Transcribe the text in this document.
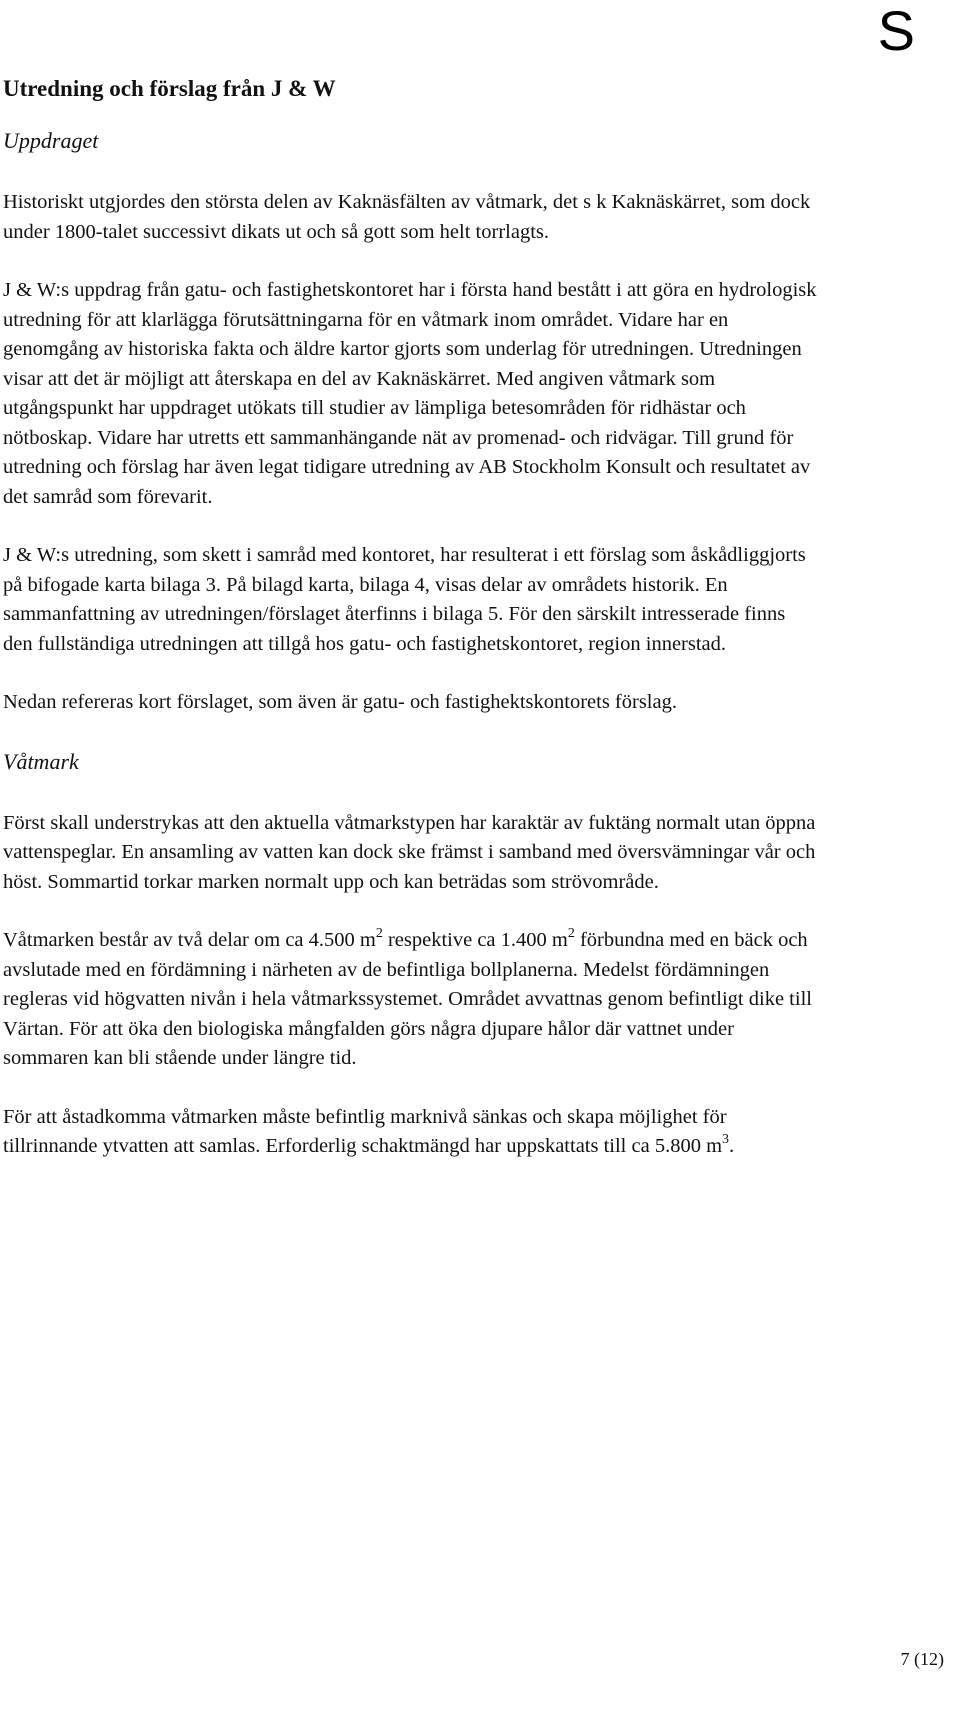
S
Utredning och förslag från J & W
Uppdraget

Historiskt utgjordes den största delen av Kaknäsfälten av våtmark, det s k Kaknäskärret, som dock under 1800-talet successivt dikats ut och så gott som helt torrlagts.

J & W:s uppdrag från gatu- och fastighetskontoret har i första hand bestått i att göra en hydrologisk utredning för att klarlägga förutsättningarna för en våtmark inom området. Vidare har en genomgång av historiska fakta och äldre kartor gjorts som underlag för utredningen. Utredningen visar att det är möjligt att återskapa en del av Kaknäskärret. Med angiven våtmark som utgångspunkt har uppdraget utökats till studier av lämpliga betesområden för ridhästar och nötboskap. Vidare har utretts ett sammanhängande nät av promenad- och ridvägar. Till grund för utredning och förslag har även legat tidigare utredning av AB Stockholm Konsult och resultatet av det samråd som förevarit.

J & W:s utredning, som skett i samråd med kontoret, har resulterat i ett förslag som åskådliggjorts på bifogade karta bilaga 3. På bilagd karta, bilaga 4, visas delar av områdets historik. En sammanfattning av utredningen/förslaget återfinns i bilaga 5. För den särskilt intresserade finns den fullständiga utredningen att tillgå hos gatu- och fastighetskontoret, region innerstad.

Nedan refereras kort förslaget, som även är gatu- och fastighektskontorets förslag.

Våtmark

Först skall understrykas att den aktuella våtmarkstypen har karaktär av fuktäng normalt utan öppna vattenspeglar. En ansamling av vatten kan dock ske främst i samband med översvämningar vår och höst. Sommartid torkar marken normalt upp och kan beträdas som strövområde.

Våtmarken består av två delar om ca 4.500 $m^2$ respektive ca 1.400 $m^2$ förbundna med en bäck och avslutade med en fördämning i närheten av de befintliga bollplanerna. Medelst fördämningen regleras vid högvatten nivån i hela våtmarkssystemet. Området avvattnas genom befintligt dike till Värtan. För att öka den biologiska mångfalden görs några djupare hålor där vattnet under sommaren kan bli stående under längre tid.

För att åstadkomma våtmarken måste befintlig marknivå sänkas och skapa möjlighet för tillrinnande ytvatten att samlas. Erforderlig schaktmängd har uppskattats till ca 5.800 $m^3$.

7 (12)
